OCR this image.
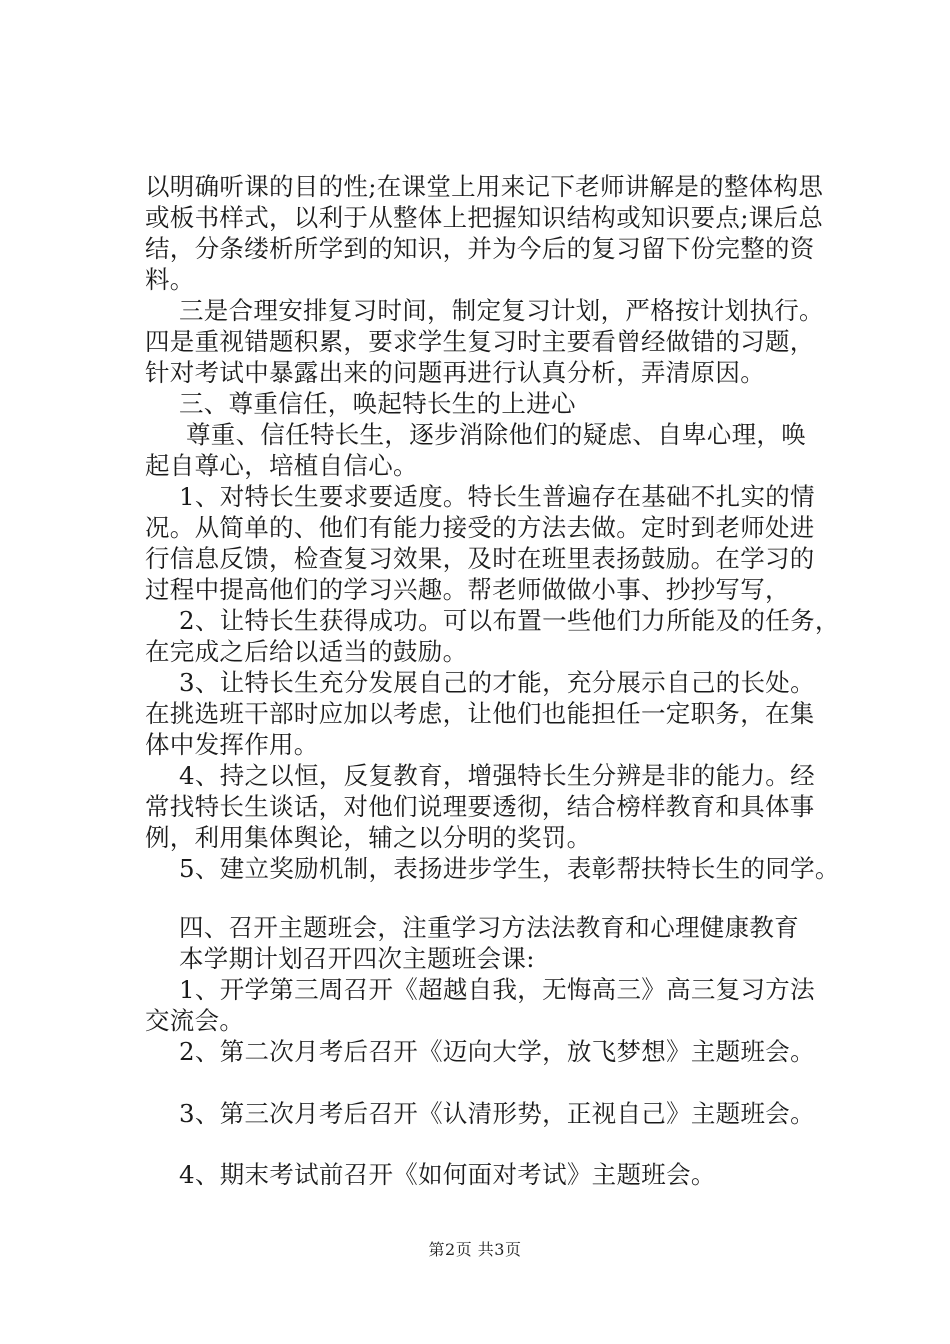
以明确听课的目的性;在课堂上用来记下老师讲解是的整体构思
或板书样式，以利于从整体上把握知识结构或知识要点;课后总
结，分条缕析所学到的知识，并为今后的复习留下份完整的资
料。
三是合理安排复习时间，制定复习计划，严格按计划执行。
四是重视错题积累，要求学生复习时主要看曾经做错的习题，
针对考试中暴露出来的问题再进行认真分析，弄清原因。
三、尊重信任，唤起特长生的上进心
尊重、信任特长生，逐步消除他们的疑虑、自卑心理，唤
起自尊心，培植自信心。
1、对特长生要求要适度。特长生普遍存在基础不扎实的情
况。从简单的、他们有能力接受的方法去做。定时到老师处进
行信息反馈，检查复习效果，及时在班里表扬鼓励。在学习的
过程中提高他们的学习兴趣。帮老师做做小事、抄抄写写，
2、让特长生获得成功。可以布置一些他们力所能及的任务，
在完成之后给以适当的鼓励。
3、让特长生充分发展自己的才能，充分展示自己的长处。
在挑选班干部时应加以考虑，让他们也能担任一定职务，在集
体中发挥作用。
4、持之以恒，反复教育，增强特长生分辨是非的能力。经
常找特长生谈话，对他们说理要透彻，结合榜样教育和具体事
例，利用集体舆论，辅之以分明的奖罚。
5、建立奖励机制，表扬进步学生，表彰帮扶特长生的同学。
四、召开主题班会，注重学习方法法教育和心理健康教育
本学期计划召开四次主题班会课:
1、开学第三周召开《超越自我，无悔高三》高三复习方法
交流会。
2、第二次月考后召开《迈向大学，放飞梦想》主题班会。
3、第三次月考后召开《认清形势，正视自己》主题班会。
4、期末考试前召开《如何面对考试》主题班会。
第2页 共3页
